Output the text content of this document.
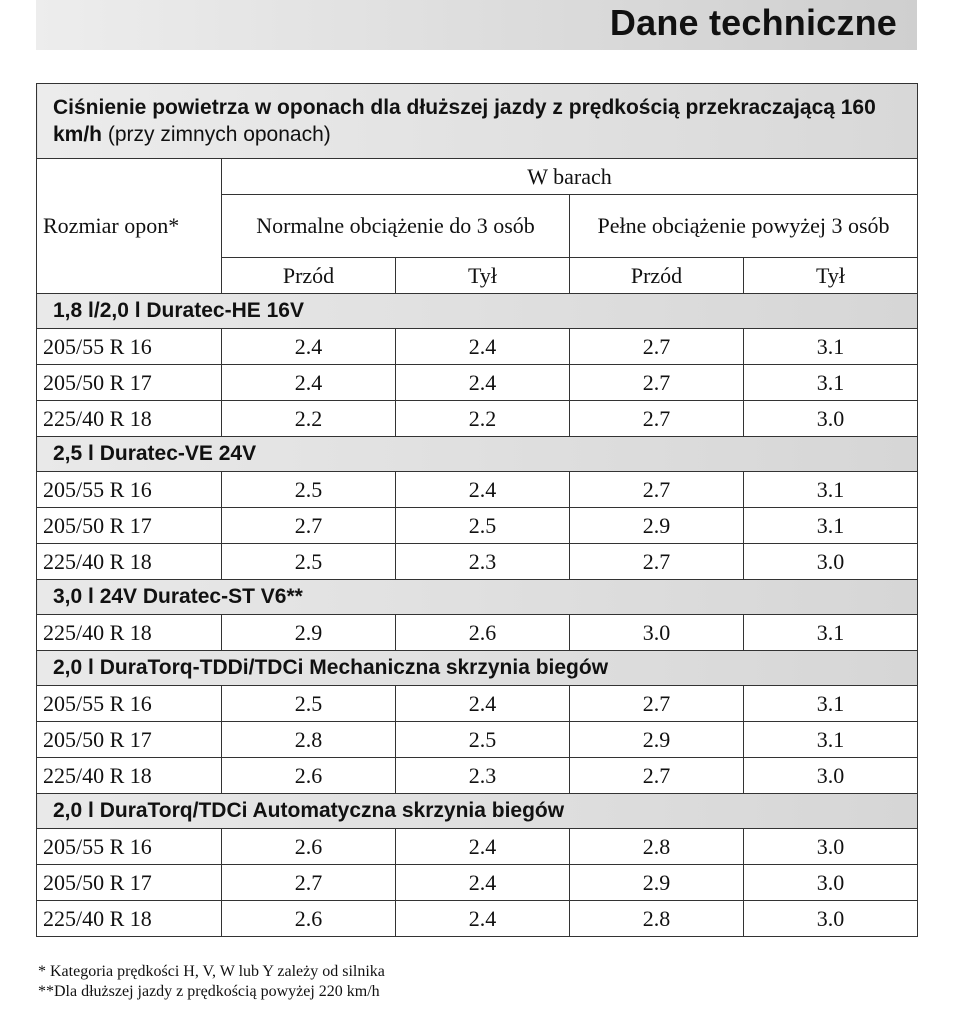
Dane techniczne
Ciśnienie powietrza w oponach dla dłuższej jazdy z prędkością przekraczającą 160 km/h (przy zimnych oponach)				
Rozmiar opon*	W barach			
	Normalne obciążenie do 3 osób		Pełne obciążenie powyżej 3 osób	
	Przód	Tył	Przód	Tył
1,8 l/2,0 l Duratec-HE 16V				
205/55 R 16	2.4	2.4	2.7	3.1
205/50 R 17	2.4	2.4	2.7	3.1
225/40 R 18	2.2	2.2	2.7	3.0
2,5 l Duratec-VE 24V				
205/55 R 16	2.5	2.4	2.7	3.1
205/50 R 17	2.7	2.5	2.9	3.1
225/40 R 18	2.5	2.3	2.7	3.0
3,0 l 24V Duratec-ST V6**				
225/40 R 18	2.9	2.6	3.0	3.1
2,0 l DuraTorq-TDDi/TDCi Mechaniczna skrzynia biegów				
205/55 R 16	2.5	2.4	2.7	3.1
205/50 R 17	2.8	2.5	2.9	3.1
225/40 R 18	2.6	2.3	2.7	3.0
2,0 l DuraTorq/TDCi Automatyczna skrzynia biegów				
205/55 R 16	2.6	2.4	2.8	3.0
205/50 R 17	2.7	2.4	2.9	3.0
225/40 R 18	2.6	2.4	2.8	3.0
* Kategoria prędkości H, V, W lub Y zależy od silnika
**Dla dłuższej jazdy z prędkością powyżej 220 km/h
